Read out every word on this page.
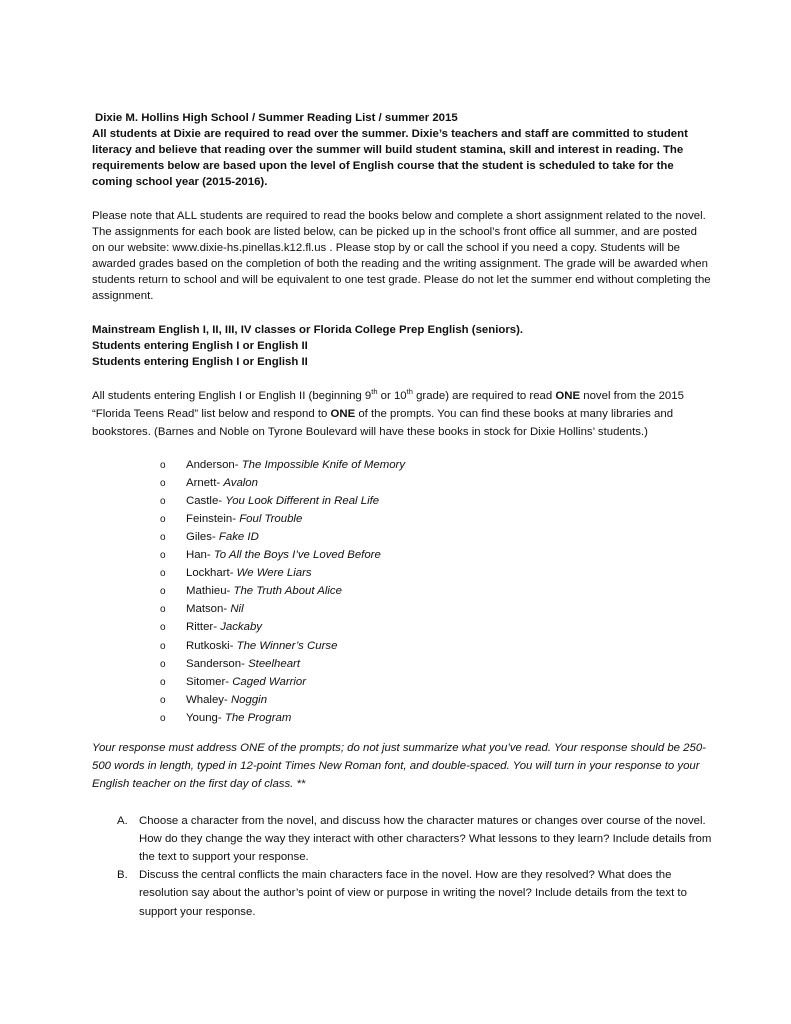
Dixie M. Hollins High School / Summer Reading List / summer 2015

All students at Dixie are required to read over the summer. Dixie’s teachers and staff are committed to student literacy and believe that reading over the summer will build student stamina, skill and interest in reading. The requirements below are based upon the level of English course that the student is scheduled to take for the coming school year (2015-2016).

Please note that ALL students are required to read the books below and complete a short assignment related to the novel. The assignments for each book are listed below, can be picked up in the school’s front office all summer, and are posted on our website: www.dixie-hs.pinellas.k12.fl.us . Please stop by or call the school if you need a copy. Students will be awarded grades based on the completion of both the reading and the writing assignment. The grade will be awarded when students return to school and will be equivalent to one test grade. Please do not let the summer end without completing the assignment.

Mainstream English I, II, III, IV classes or Florida College Prep English (seniors).

Students entering English I or English II

Students entering English I or English II

All students entering English I or English II (beginning 9th or 10th grade) are required to read ONE novel from the 2015 “Florida Teens Read” list below and respond to ONE of the prompts. You can find these books at many libraries and bookstores. (Barnes and Noble on Tyrone Boulevard will have these books in stock for Dixie Hollins’ students.)

o Anderson- The Impossible Knife of Memory
o Arnett- Avalon
o Castle- You Look Different in Real Life
o Feinstein- Foul Trouble
o Giles- Fake ID
o Han- To All the Boys I’ve Loved Before
o Lockhart- We Were Liars
o Mathieu- The Truth About Alice
o Matson- Nil
o Ritter- Jackaby
o Rutkoski- The Winner’s Curse
o Sanderson- Steelheart
o Sitomer- Caged Warrior
o Whaley- Noggin
o Young- The Program

Your response must address ONE of the prompts; do not just summarize what you’ve read. Your response should be 250-500 words in length, typed in 12-point Times New Roman font, and double-spaced. You will turn in your response to your English teacher on the first day of class. **

A. Choose a character from the novel, and discuss how the character matures or changes over course of the novel. How do they change the way they interact with other characters? What lessons to they learn? Include details from the text to support your response.
B. Discuss the central conflicts the main characters face in the novel. How are they resolved? What does the resolution say about the author’s point of view or purpose in writing the novel? Include details from the text to support your response.
